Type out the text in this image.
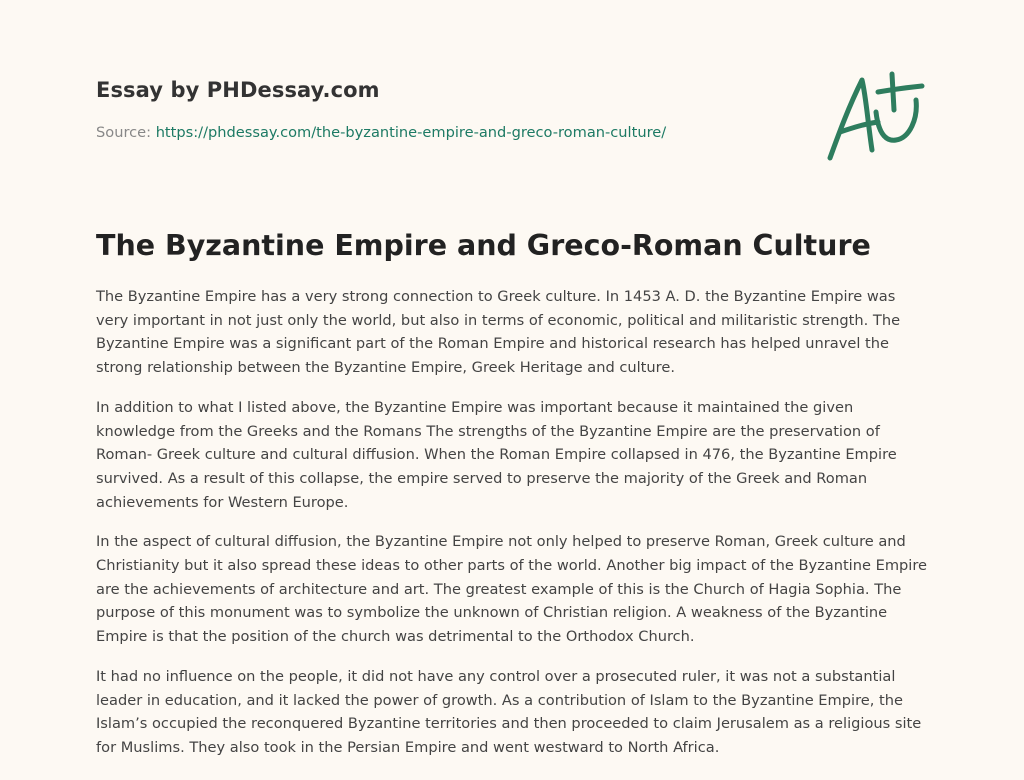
Essay by PHDessay.com
Source: https://phdessay.com/the-byzantine-empire-and-greco-roman-culture/
The Byzantine Empire and Greco-Roman Culture

The Byzantine Empire has a very strong connection to Greek culture. In 1453 A. D. the Byzantine Empire was very important in not just only the world, but also in terms of economic, political and militaristic strength. The Byzantine Empire was a significant part of the Roman Empire and historical research has helped unravel the strong relationship between the Byzantine Empire, Greek Heritage and culture.

In addition to what I listed above, the Byzantine Empire was important because it maintained the given knowledge from the Greeks and the Romans The strengths of the Byzantine Empire are the preservation of Roman- Greek culture and cultural diffusion. When the Roman Empire collapsed in 476, the Byzantine Empire survived. As a result of this collapse, the empire served to preserve the majority of the Greek and Roman achievements for Western Europe.

In the aspect of cultural diffusion, the Byzantine Empire not only helped to preserve Roman, Greek culture and Christianity but it also spread these ideas to other parts of the world. Another big impact of the Byzantine Empire are the achievements of architecture and art. The greatest example of this is the Church of Hagia Sophia. The purpose of this monument was to symbolize the unknown of Christian religion. A weakness of the Byzantine Empire is that the position of the church was detrimental to the Orthodox Church.

It had no influence on the people, it did not have any control over a prosecuted ruler, it was not a substantial leader in education, and it lacked the power of growth. As a contribution of Islam to the Byzantine Empire, the Islam’s occupied the reconquered Byzantine territories and then proceeded to claim Jerusalem as a religious site for Muslims. They also took in the Persian Empire and went westward to North Africa.
